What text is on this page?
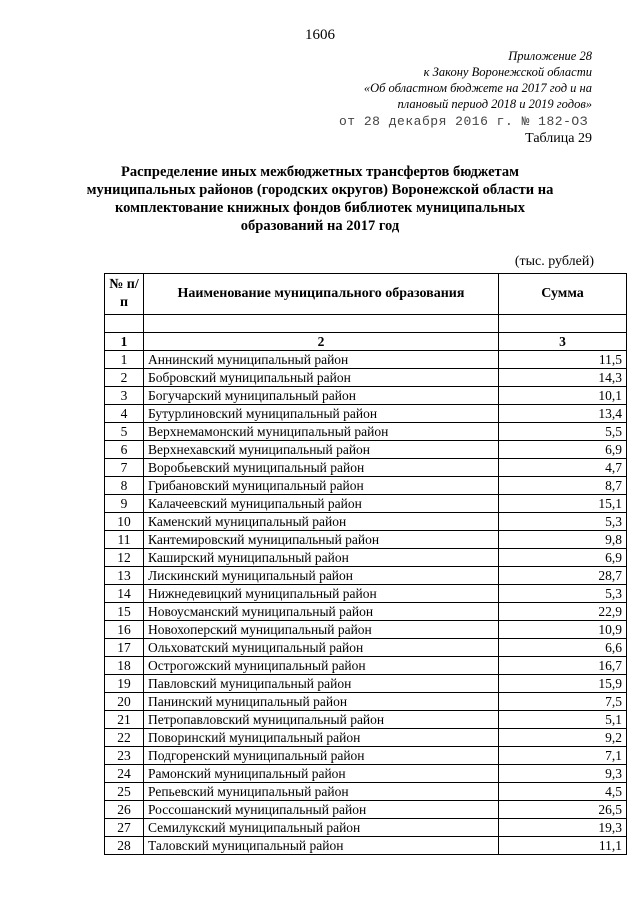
1606
Приложение 28
к Закону Воронежской области
«Об областном бюджете на 2017 год и на
плановый период 2018 и 2019 годов»
от 28 декабря 2016 г. № 182-ОЗ
Таблица 29
Распределение иных межбюджетных трансфертов бюджетам
муниципальных районов (городских округов) Воронежской области на
комплектование книжных фондов библиотек муниципальных
образований на 2017 год
(тыс. рублей)
№ п/п	Наименование муниципального образования	Сумма

1	2	3
1	Аннинский муниципальный район	11,5
2	Бобровский муниципальный район	14,3
3	Богучарский муниципальный район	10,1
4	Бутурлиновский муниципальный район	13,4
5	Верхнемамонский муниципальный район	5,5
6	Верхнехавский муниципальный район	6,9
7	Воробьевский муниципальный район	4,7
8	Грибановский муниципальный район	8,7
9	Калачеевский муниципальный район	15,1
10	Каменский муниципальный район	5,3
11	Кантемировский муниципальный район	9,8
12	Каширский муниципальный район	6,9
13	Лискинский муниципальный район	28,7
14	Нижнедевицкий муниципальный район	5,3
15	Новоусманский муниципальный район	22,9
16	Новохоперский муниципальный район	10,9
17	Ольховатский муниципальный район	6,6
18	Острогожский муниципальный район	16,7
19	Павловский муниципальный район	15,9
20	Панинский муниципальный район	7,5
21	Петропавловский муниципальный район	5,1
22	Поворинский муниципальный район	9,2
23	Подгоренский муниципальный район	7,1
24	Рамонский муниципальный район	9,3
25	Репьевский муниципальный район	4,5
26	Россошанский муниципальный район	26,5
27	Семилукский муниципальный район	19,3
28	Таловский муниципальный район	11,1
